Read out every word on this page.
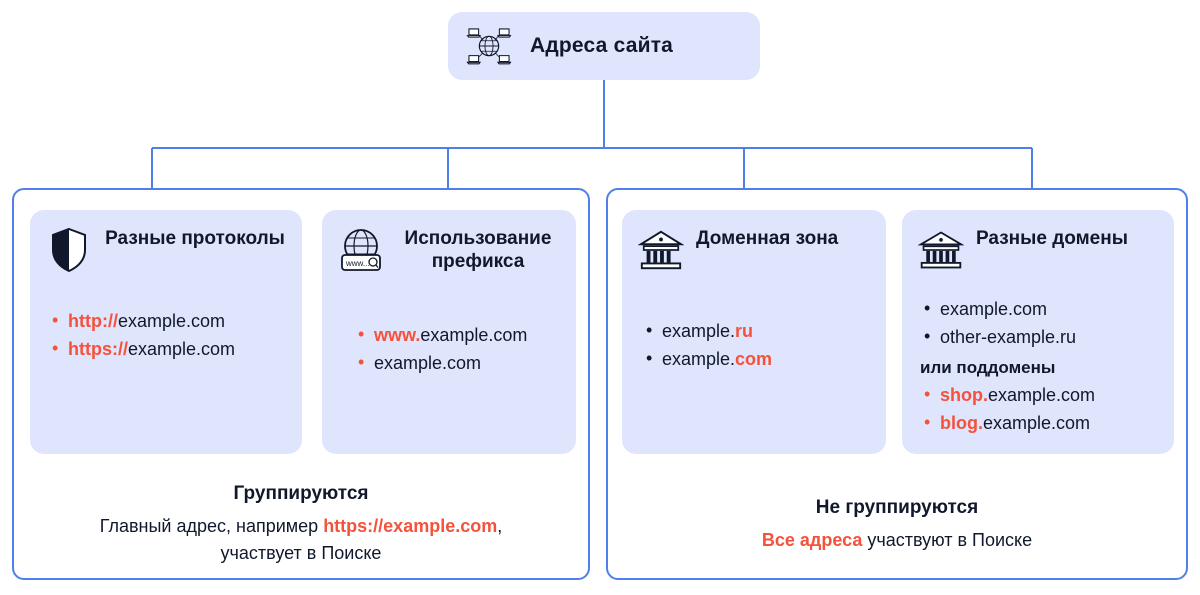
Адреса сайта
Разные протоколы
• http://example.com
• https://example.com
www...
Использование префикса
• www.example.com
• example.com
Доменная зона
• example.ru
• example.com
Разные домены
• example.com
• other-example.ru
или поддомены
• shop.example.com
• blog.example.com
Группируются
Главный адрес, например https://example.com,
участвует в Поиске
Не группируются
Все адреса участвуют в Поиске
